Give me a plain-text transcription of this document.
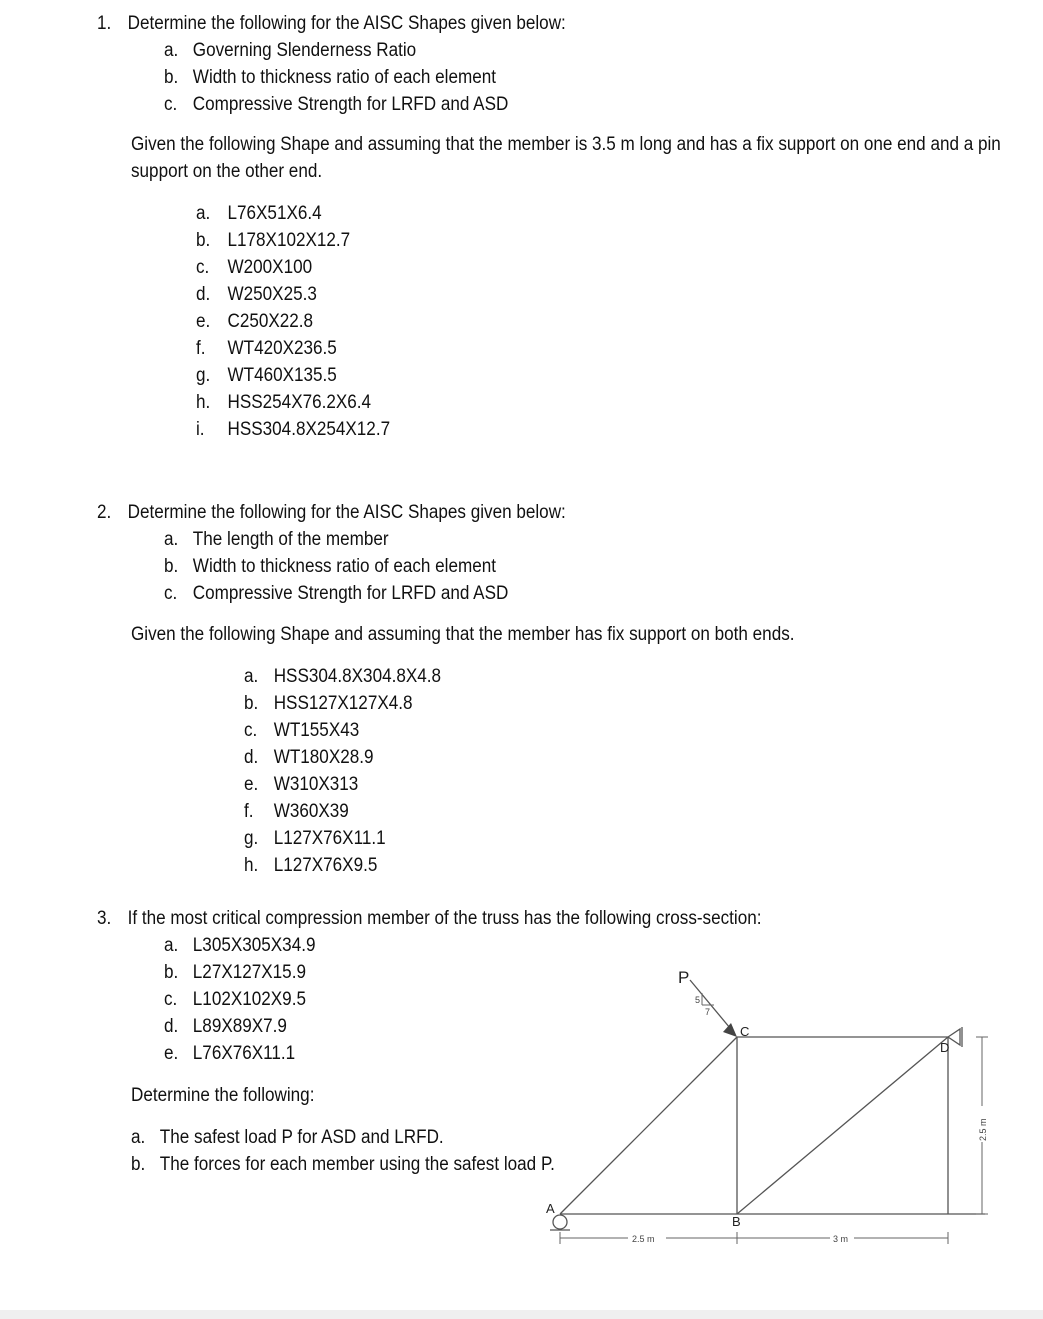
1. Determine the following for the AISC Shapes given below:
a. Governing Slenderness Ratio
b. Width to thickness ratio of each element
c. Compressive Strength for LRFD and ASD
Given the following Shape and assuming that the member is 3.5 m long and has a fix support on one end and a pin support on the other end.
a. L76X51X6.4
b. L178X102X12.7
c. W200X100
d. W250X25.3
e. C250X22.8
f. WT420X236.5
g. WT460X135.5
h. HSS254X76.2X6.4
i. HSS304.8X254X12.7
2. Determine the following for the AISC Shapes given below:
a. The length of the member
b. Width to thickness ratio of each element
c. Compressive Strength for LRFD and ASD
Given the following Shape and assuming that the member has fix support on both ends.
a. HSS304.8X304.8X4.8
b. HSS127X127X4.8
c. WT155X43
d. WT180X28.9
e. W310X313
f. W360X39
g. L127X76X11.1
h. L127X76X9.5
3. If the most critical compression member of the truss has the following cross-section:
a. L305X305X34.9
b. L27X127X15.9
c. L102X102X9.5
d. L89X89X7.9
e. L76X76X11.1
Determine the following:
a. The safest load P for ASD and LRFD.
b. The forces for each member using the safest load P.
5
7
P
A
B
C
D
2.5 m	3 m
2.5 m
